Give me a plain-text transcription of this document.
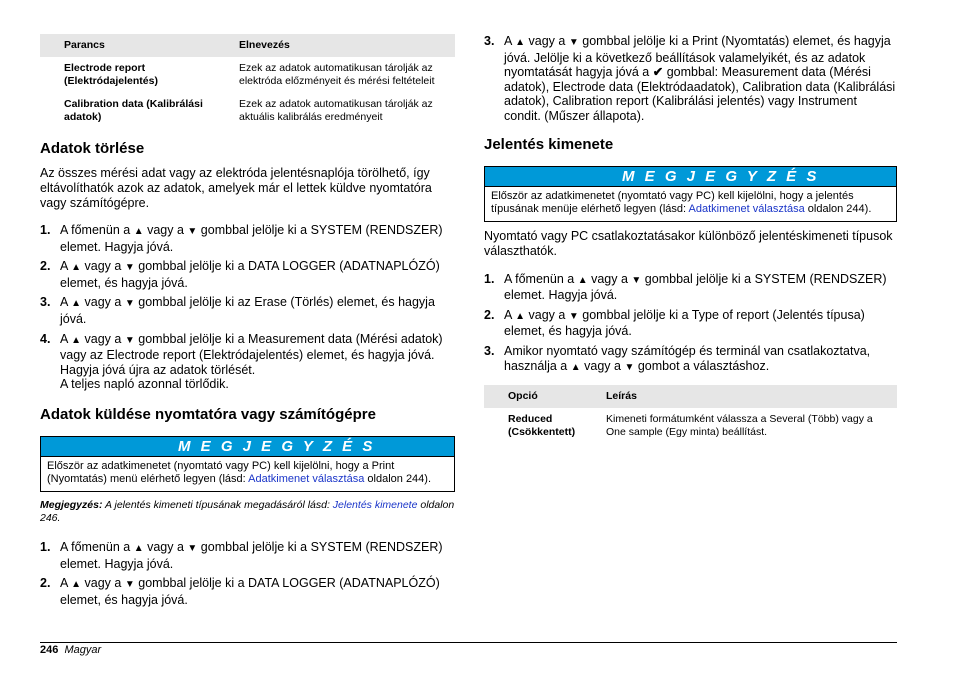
Parancs	Elnevezés
Electrode report (Elektródajelentés)	Ezek az adatok automatikusan tárolják az elektróda előzményeit és mérési feltételeit
Calibration data (Kalibrálási adatok)	Ezek az adatok automatikusan tárolják az aktuális kalibrálás eredményeit
Adatok törlése

Az összes mérési adat vagy az elektróda jelentésnaplója törölhető, így eltávolíthatók azok az adatok, amelyek már el lettek küldve nyomtatóra vagy számítógépre.

1. A főmenün a ▲ vagy a ▼ gombbal jelölje ki a SYSTEM (RENDSZER) elemet. Hagyja jóvá.
2. A ▲ vagy a ▼ gombbal jelölje ki a DATA LOGGER (ADATNAPLÓZÓ) elemet, és hagyja jóvá.
3. A ▲ vagy a ▼ gombbal jelölje ki az Erase (Törlés) elemet, és hagyja jóvá.
4. A ▲ vagy a ▼ gombbal jelölje ki a Measurement data (Mérési adatok) vagy az Electrode report (Elektródajelentés) elemet, és hagyja jóvá. Hagyja jóvá újra az adatok törlését.
A teljes napló azonnal törlődik.
Adatok küldése nyomtatóra vagy számítógépre
M E G J E G Y Z É S
Először az adatkimenetet (nyomtató vagy PC) kell kijelölni, hogy a Print (Nyomtatás) menü elérhető legyen (lásd: Adatkimenet választása oldalon 244).

Megjegyzés: A jelentés kimeneti típusának megadásáról lásd: Jelentés kimenete oldalon 246.

1. A főmenün a ▲ vagy a ▼ gombbal jelölje ki a SYSTEM (RENDSZER) elemet. Hagyja jóvá.
2. A ▲ vagy a ▼ gombbal jelölje ki a DATA LOGGER (ADATNAPLÓZÓ) elemet, és hagyja jóvá.
3. A ▲ vagy a ▼ gombbal jelölje ki a Print (Nyomtatás) elemet, és hagyja jóvá. Jelölje ki a következő beállítások valamelyikét, és az adatok nyomtatását hagyja jóvá a ✔ gombbal: Measurement data (Mérési adatok), Electrode data (Elektródaadatok), Calibration data (Kalibrálási adatok), Calibration report (Kalibrálási jelentés) vagy Instrument condit. (Műszer állapota).
Jelentés kimenete
M E G J E G Y Z É S
Először az adatkimenetet (nyomtató vagy PC) kell kijelölni, hogy a jelentés típusának menüje elérhető legyen (lásd: Adatkimenet választása oldalon 244).

Nyomtató vagy PC csatlakoztatásakor különböző jelentéskimeneti típusok választhatók.

1. A főmenün a ▲ vagy a ▼ gombbal jelölje ki a SYSTEM (RENDSZER) elemet. Hagyja jóvá.
2. A ▲ vagy a ▼ gombbal jelölje ki a Type of report (Jelentés típusa) elemet, és hagyja jóvá.
3. Amikor nyomtató vagy számítógép és terminál van csatlakoztatva, használja a ▲ vagy a ▼ gombot a választáshoz.
Opció	Leírás
Reduced (Csökkentett)	Kimeneti formátumként válassza a Several (Több) vagy a One sample (Egy minta) beállítást.
246 Magyar
